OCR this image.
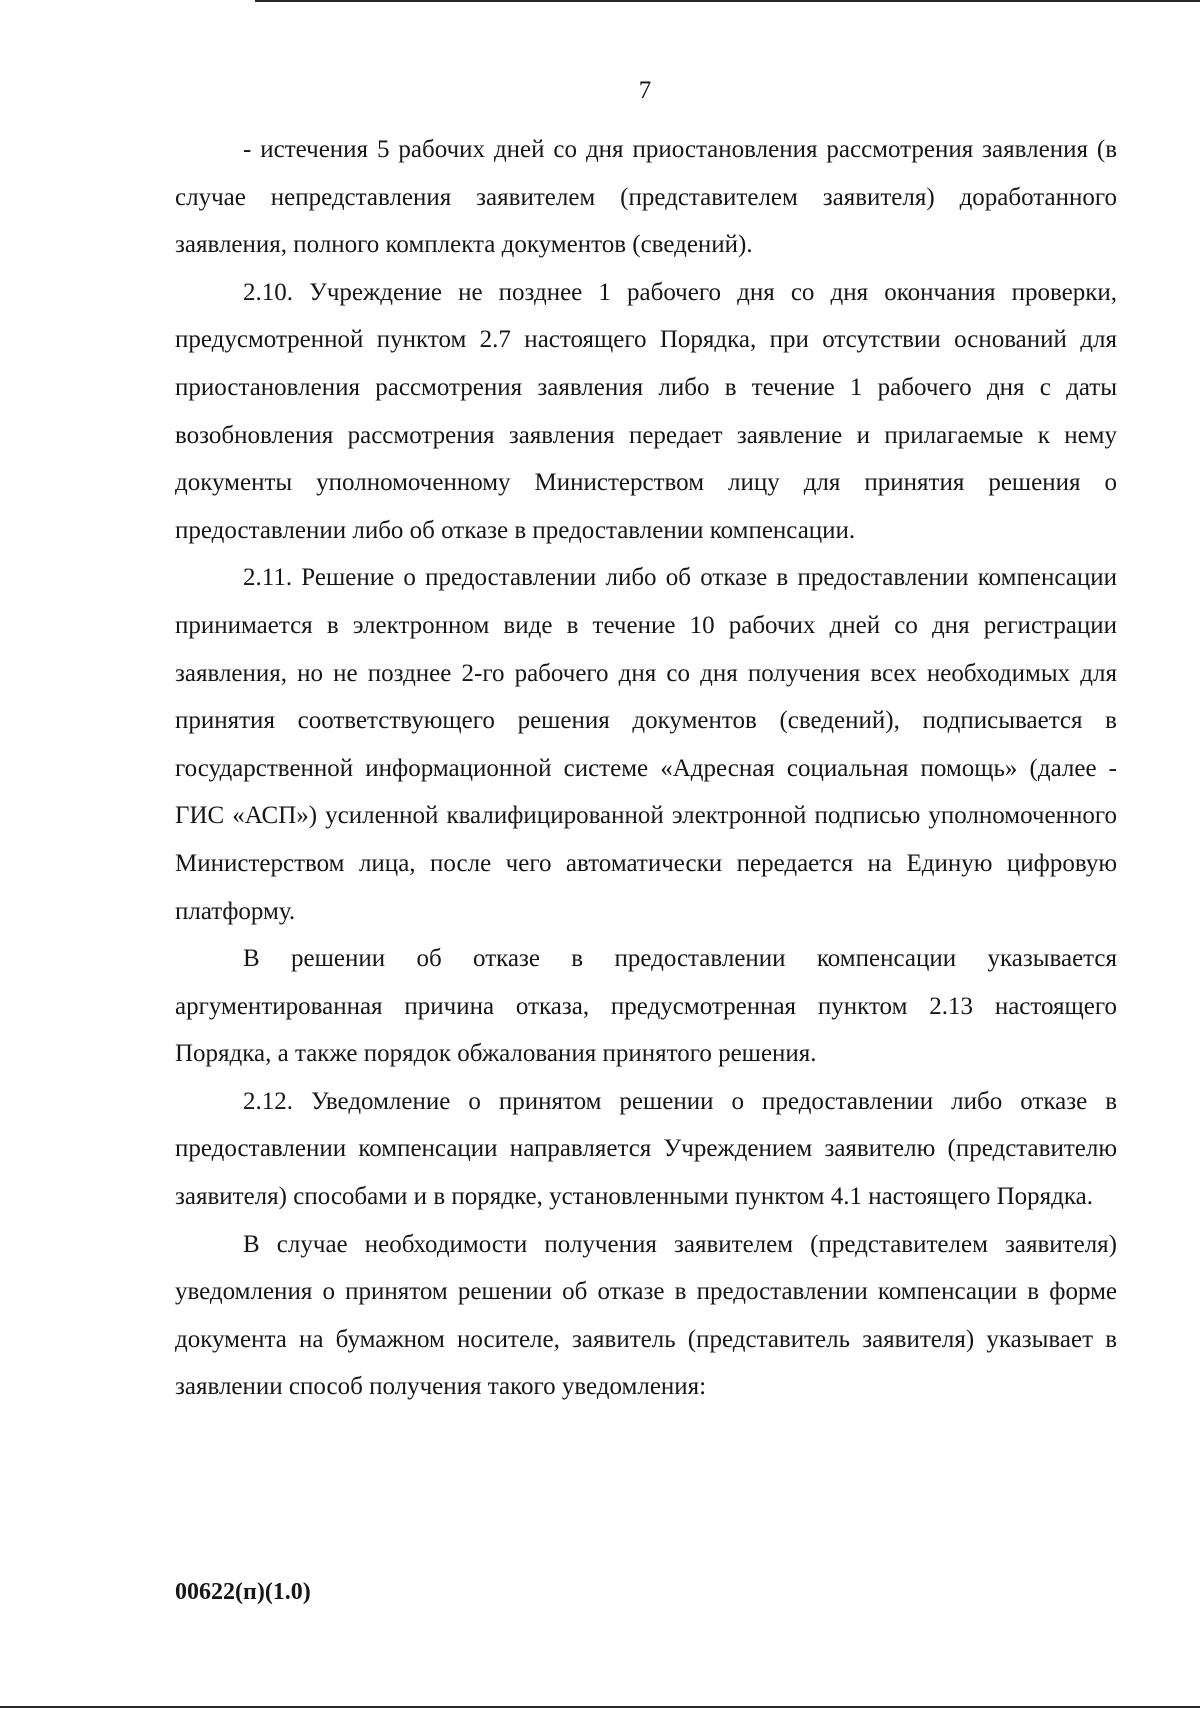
7

- истечения 5 рабочих дней со дня приостановления рассмотрения заявления (в случае непредставления заявителем (представителем заявителя) доработанного заявления, полного комплекта документов (сведений).

2.10. Учреждение не позднее 1 рабочего дня со дня окончания проверки, предусмотренной пунктом 2.7 настоящего Порядка, при отсутствии оснований для приостановления рассмотрения заявления либо в течение 1 рабочего дня с даты возобновления рассмотрения заявления передает заявление и прилагаемые к нему документы уполномоченному Министерством лицу для принятия решения о предоставлении либо об отказе в предоставлении компенсации.

2.11. Решение о предоставлении либо об отказе в предоставлении компенсации принимается в электронном виде в течение 10 рабочих дней со дня регистрации заявления, но не позднее 2-го рабочего дня со дня получения всех необходимых для принятия соответствующего решения документов (сведений), подписывается в государственной информационной системе «Адресная социальная помощь» (далее - ГИС «АСП») усиленной квалифицированной электронной подписью уполномоченного Министерством лица, после чего автоматически передается на Единую цифровую платформу.

В решении об отказе в предоставлении компенсации указывается аргументированная причина отказа, предусмотренная пунктом 2.13 настоящего Порядка, а также порядок обжалования принятого решения.

2.12. Уведомление о принятом решении о предоставлении либо отказе в предоставлении компенсации направляется Учреждением заявителю (представителю заявителя) способами и в порядке, установленными пунктом 4.1 настоящего Порядка.

В случае необходимости получения заявителем (представителем заявителя) уведомления о принятом решении об отказе в предоставлении компенсации в форме документа на бумажном носителе, заявитель (представитель заявителя) указывает в заявлении способ получения такого уведомления:

00622(п)(1.0)
